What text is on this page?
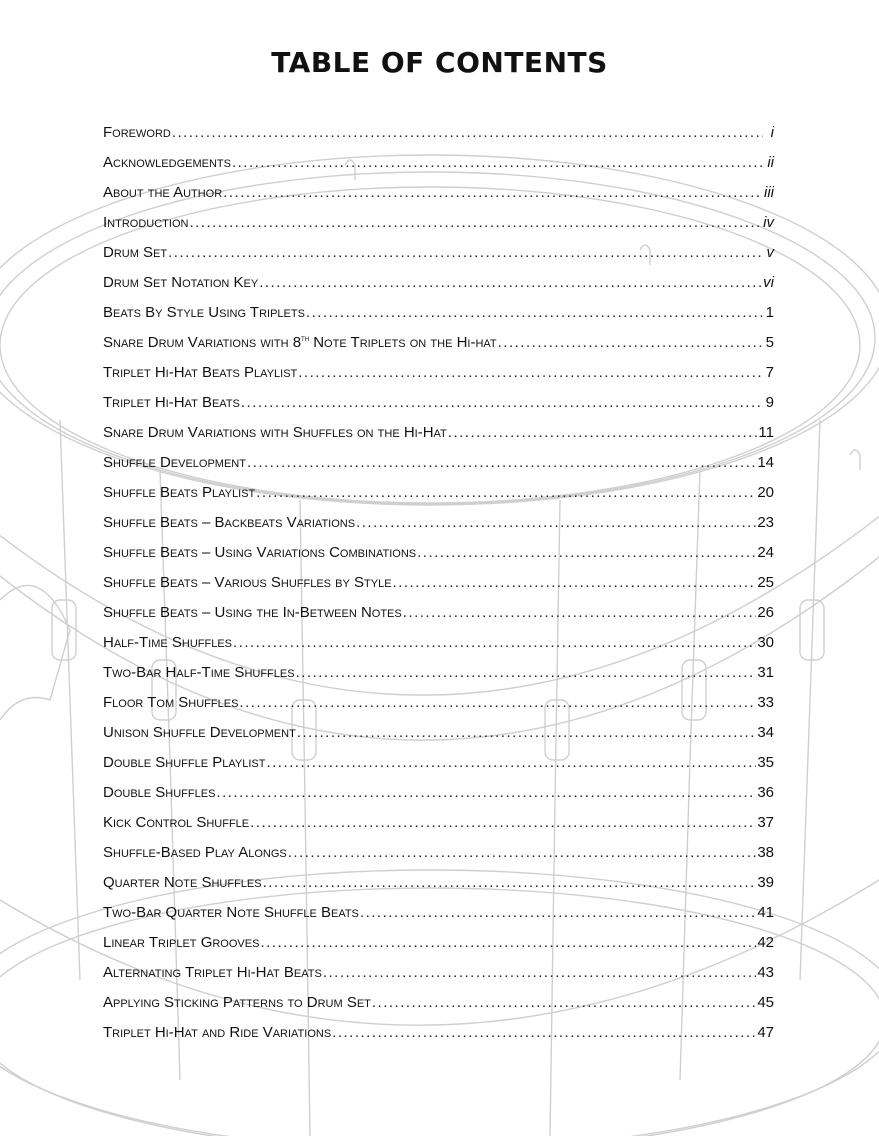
TABLE OF CONTENTS
Foreword .....	i
Acknowledgements .....	ii
About the Author .....	iii
Introduction .....	iv
Drum Set .....	v
Drum Set Notation Key .....	vi
Beats By Style Using Triplets .....	1
Snare Drum Variations with 8th Note Triplets on the Hi-hat .....	5
Triplet Hi-Hat Beats Playlist .....	7
Triplet Hi-Hat Beats .....	9
Snare Drum Variations with Shuffles on the Hi-Hat .....	11
Shuffle Development .....	14
Shuffle Beats Playlist .....	20
Shuffle Beats – Backbeats Variations .....	23
Shuffle Beats – Using Variations Combinations .....	24
Shuffle Beats – Various Shuffles by Style .....	25
Shuffle Beats – Using the In-Between Notes .....	26
Half-Time Shuffles .....	30
Two-Bar Half-Time Shuffles .....	31
Floor Tom Shuffles .....	33
Unison Shuffle Development .....	34
Double Shuffle Playlist .....	35
Double Shuffles .....	36
Kick Control Shuffle .....	37
Shuffle-Based Play Alongs .....	38
Quarter Note Shuffles .....	39
Two-Bar Quarter Note Shuffle Beats .....	41
Linear Triplet Grooves .....	42
Alternating Triplet Hi-Hat Beats .....	43
Applying Sticking Patterns to Drum Set .....	45
Triplet Hi-Hat and Ride Variations .....	47
